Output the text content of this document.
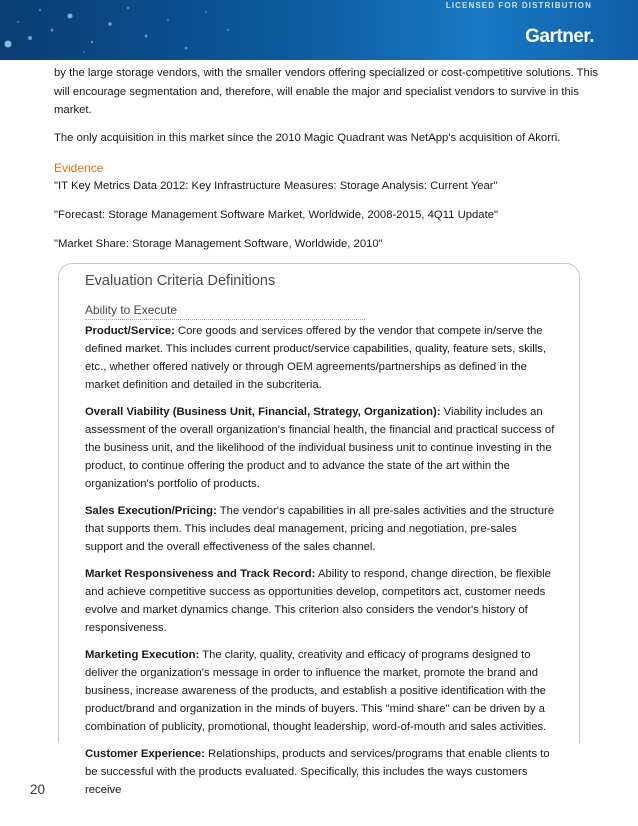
LICENSED FOR DISTRIBUTION
Gartner.

by the large storage vendors, with the smaller vendors offering specialized or cost-competitive solutions. This will encourage segmentation and, therefore, will enable the major and specialist vendors to survive in this market.

The only acquisition in this market since the 2010 Magic Quadrant was NetApp's acquisition of Akorri.

Evidence

"IT Key Metrics Data 2012: Key Infrastructure Measures: Storage Analysis: Current Year"

"Forecast: Storage Management Software Market, Worldwide, 2008-2015, 4Q11 Update"

"Market Share: Storage Management Software, Worldwide, 2010"

Evaluation Criteria Definitions
Ability to Execute

Product/Service: Core goods and services offered by the vendor that compete in/serve the defined market. This includes current product/service capabilities, quality, feature sets, skills, etc., whether offered natively or through OEM agreements/partnerships as defined in the market definition and detailed in the subcriteria.

Overall Viability (Business Unit, Financial, Strategy, Organization): Viability includes an assessment of the overall organization's financial health, the financial and practical success of the business unit, and the likelihood of the individual business unit to continue investing in the product, to continue offering the product and to advance the state of the art within the organization's portfolio of products.

Sales Execution/Pricing: The vendor's capabilities in all pre-sales activities and the structure that supports them. This includes deal management, pricing and negotiation, pre-sales support and the overall effectiveness of the sales channel.

Market Responsiveness and Track Record: Ability to respond, change direction, be flexible and achieve competitive success as opportunities develop, competitors act, customer needs evolve and market dynamics change. This criterion also considers the vendor's history of responsiveness.

Marketing Execution: The clarity, quality, creativity and efficacy of programs designed to deliver the organization's message in order to influence the market, promote the brand and business, increase awareness of the products, and establish a positive identification with the product/brand and organization in the minds of buyers. This "mind share" can be driven by a combination of publicity, promotional, thought leadership, word-of-mouth and sales activities.

Customer Experience: Relationships, products and services/programs that enable clients to be successful with the products evaluated. Specifically, this includes the ways customers receive

20
